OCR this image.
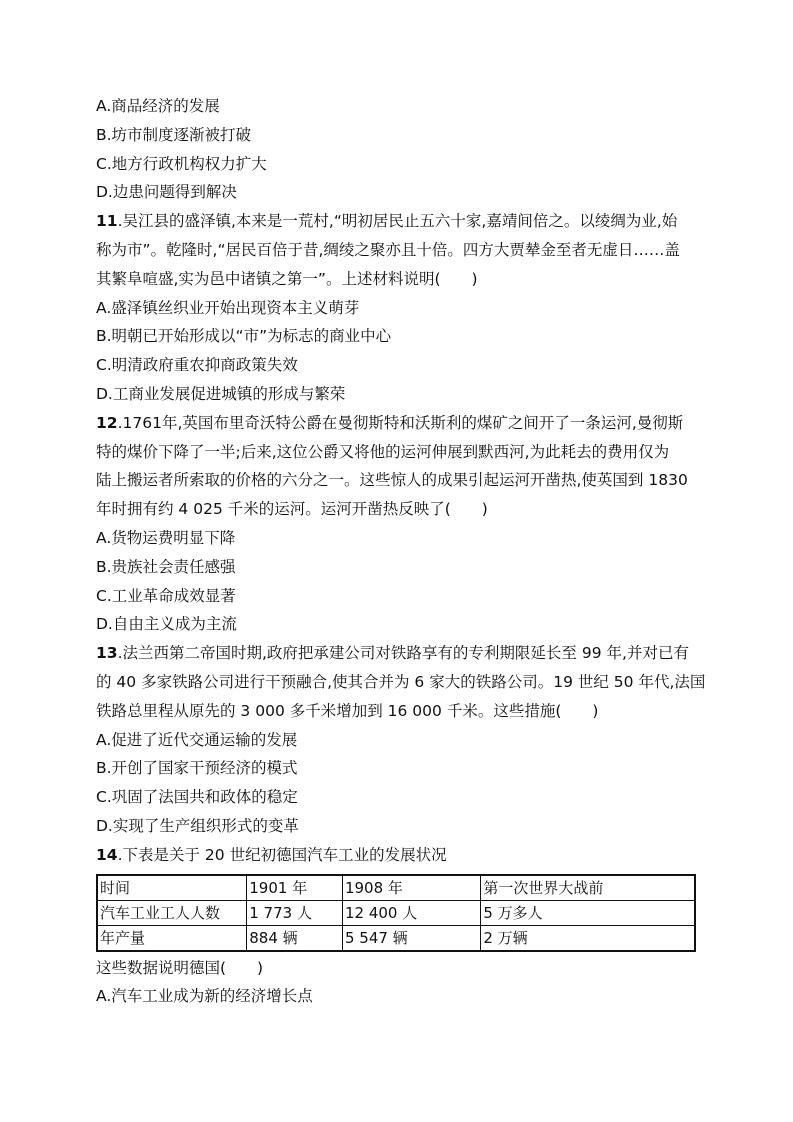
A.商品经济的发展

B.坊市制度逐渐被打破

C.地方行政机构权力扩大

D.边患问题得到解决

11.吴江县的盛泽镇,本来是一荒村,“明初居民止五六十家,嘉靖间倍之。以绫绸为业,始
称为市”。乾隆时,“居民百倍于昔,绸绫之聚亦且十倍。四方大贾辇金至者无虚日……盖
其繁阜喧盛,实为邑中诸镇之第一”。上述材料说明(　　)

A.盛泽镇丝织业开始出现资本主义萌芽

B.明朝已开始形成以“市”为标志的商业中心

C.明清政府重农抑商政策失效

D.工商业发展促进城镇的形成与繁荣

12.1761年,英国布里奇沃特公爵在曼彻斯特和沃斯利的煤矿之间开了一条运河,曼彻斯
特的煤价下降了一半;后来,这位公爵又将他的运河伸展到默西河,为此耗去的费用仅为
陆上搬运者所索取的价格的六分之一。这些惊人的成果引起运河开凿热,使英国到 1830
年时拥有约 4 025 千米的运河。运河开凿热反映了(　　)

A.货物运费明显下降

B.贵族社会责任感强

C.工业革命成效显著

D.自由主义成为主流

13.法兰西第二帝国时期,政府把承建公司对铁路享有的专利期限延长至 99 年,并对已有
的 40 多家铁路公司进行干预融合,使其合并为 6 家大的铁路公司。19 世纪 50 年代,法国
铁路总里程从原先的 3 000 多千米增加到 16 000 千米。这些措施(　　)

A.促进了近代交通运输的发展

B.开创了国家干预经济的模式

C.巩固了法国共和政体的稳定

D.实现了生产组织形式的变革

14.下表是关于 20 世纪初德国汽车工业的发展状况

时间	1901 年	1908 年	第一次世界大战前
汽车工业工人人数	1 773 人	12 400 人	5 万多人
年产量	884 辆	5 547 辆	2 万辆

这些数据说明德国(　　)

A.汽车工业成为新的经济增长点
